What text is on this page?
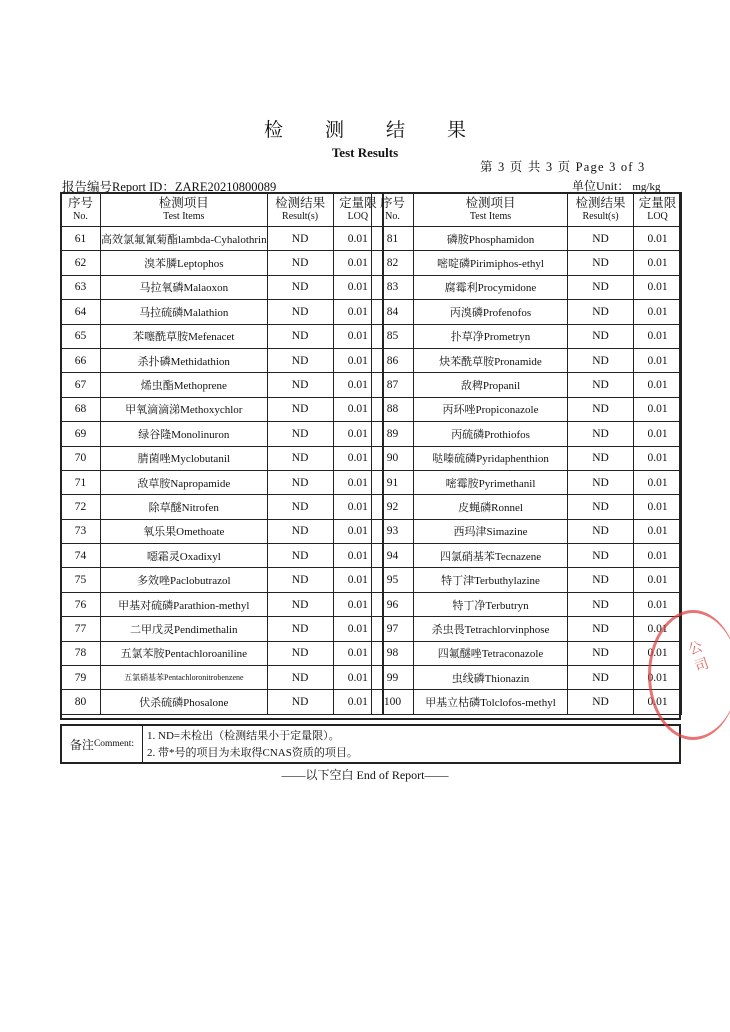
检 测 结 果
Test Results
第 3 页 共 3 页 Page 3 of 3
报告编号Report ID：ZARE20210800089	单位Unit： mg/kg
序号
No.	检测项目
Test Items	检测结果
Result(s)	定量限
LOQ

61	高效氯氟氰菊酯lambda-Cyhalothrin	ND	0.01
62	溴苯膦Leptophos	ND	0.01
63	马拉氧磷Malaoxon	ND	0.01
64	马拉硫磷Malathion	ND	0.01
65	苯噻酰草胺Mefenacet	ND	0.01
66	杀扑磷Methidathion	ND	0.01
67	烯虫酯Methoprene	ND	0.01
68	甲氧滴滴涕Methoxychlor	ND	0.01
69	绿谷隆Monolinuron	ND	0.01
70	腈菌唑Myclobutanil	ND	0.01
71	敌草胺Napropamide	ND	0.01
72	除草醚Nitrofen	ND	0.01
73	氧乐果Omethoate	ND	0.01
74	噁霜灵Oxadixyl	ND	0.01
75	多效唑Paclobutrazol	ND	0.01
76	甲基对硫磷Parathion-methyl	ND	0.01
77	二甲戊灵Pendimethalin	ND	0.01
78	五氯苯胺Pentachloroaniline	ND	0.01
79	五氯硝基苯Pentachloronitrobenzene	ND	0.01
80	伏杀硫磷Phosalone	ND	0.01
序号
No.	检测项目
Test Items	检测结果
Result(s)	定量限
LOQ

81	磷胺Phosphamidon	ND	0.01
82	嘧啶磷Pirimiphos-ethyl	ND	0.01
83	腐霉利Procymidone	ND	0.01
84	丙溴磷Profenofos	ND	0.01
85	扑草净Prometryn	ND	0.01
86	炔苯酰草胺Pronamide	ND	0.01
87	敌稗Propanil	ND	0.01
88	丙环唑Propiconazole	ND	0.01
89	丙硫磷Prothiofos	ND	0.01
90	哒嗪硫磷Pyridaphenthion	ND	0.01
91	嘧霉胺Pyrimethanil	ND	0.01
92	皮蝇磷Ronnel	ND	0.01
93	西玛津Simazine	ND	0.01
94	四氯硝基苯Tecnazene	ND	0.01
95	特丁津Terbuthylazine	ND	0.01
96	特丁净Terbutryn	ND	0.01
97	杀虫畏Tetrachlorvinphose	ND	0.01
98	四氟醚唑Tetraconazole	ND	0.01
99	虫线磷Thionazin	ND	0.01
100	甲基立枯磷Tolclofos-methyl	ND	0.01
备注 Comment:
1. ND=未检出（检测结果小于定量限）。
2. 带*号的项目为未取得CNAS资质的项目。
——以下空白 End of Report——
公司
